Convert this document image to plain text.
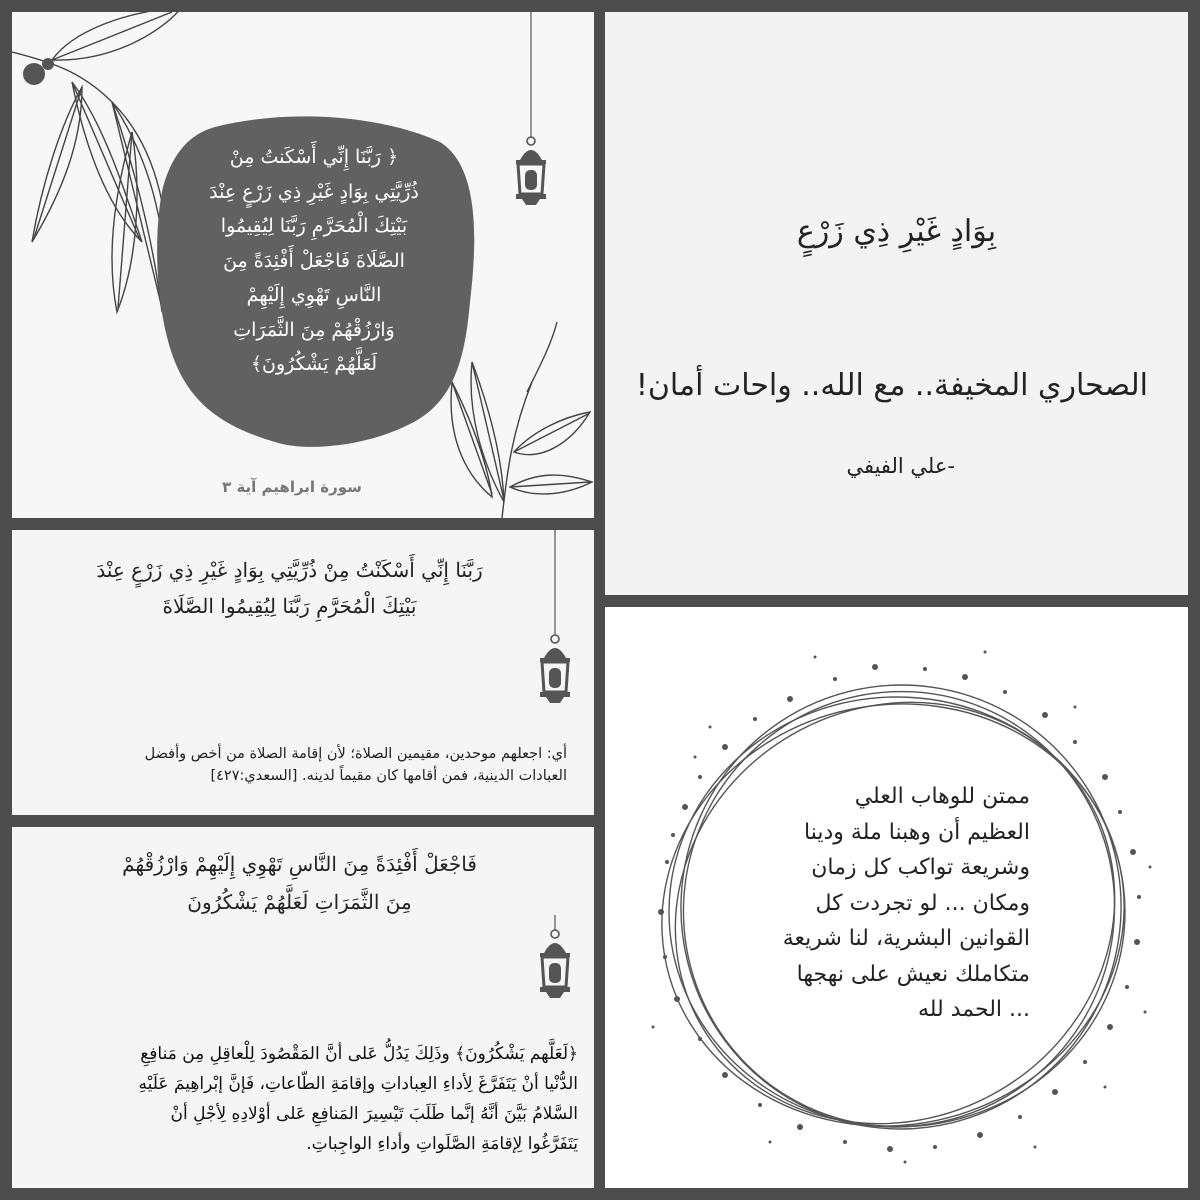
﴿ رَبَّنَا إِنِّي أَسْكَنتُ مِنْ
ذُرِّيَّتِي بِوَادٍ غَيْرِ ذِي زَرْعٍ عِنْدَ
بَيْتِكَ الْمُحَرَّمِ رَبَّنَا لِيُقِيمُوا
الصَّلَاةَ فَاجْعَلْ أَفْئِدَةً مِنَ
النَّاسِ تَهْوِي إِلَيْهِمْ
وَارْزُقْهُمْ مِنَ الثَّمَرَاتِ
لَعَلَّهُمْ يَشْكُرُونَ﴾
سورة ابراهيم آية ٣
بِوَادٍ غَيْرِ ذِي زَرْعٍ
الصحاري المخيفة.. مع الله.. واحات أمان!
-علي الفيفي
رَبَّنَا إِنِّي أَسْكَنْتُ مِنْ ذُرِّيَّتِي بِوَادٍ غَيْرِ ذِي زَرْعٍ عِنْدَ
بَيْتِكَ الْمُحَرَّمِ رَبَّنَا لِيُقِيمُوا الصَّلَاةَ
أي: اجعلهم موحدين، مقيمين الصلاة؛ لأن إقامة الصلاة من أخص وأفضل
العبادات الدينية، فمن أقامها كان مقيماً لدينه. [السعدي:٤٢٧]
فَاجْعَلْ أَفْئِدَةً مِنَ النَّاسِ تَهْوِي إِلَيْهِمْ وَارْزُقْهُمْ
مِنَ الثَّمَرَاتِ لَعَلَّهُمْ يَشْكُرُونَ
﴿لَعَلَّهم يَشْكُرُونَ﴾ وذَلِكَ يَدُلُّ عَلى أنَّ المَقْصُودَ لِلْعاقِلِ مِن مَنافِعِ
الدُّنْيا أنْ يَتَفَرَّغَ لِأداءِ العِباداتِ وإقامَةِ الطّاعاتِ، فَإنَّ إبْراهِيمَ عَلَيْهِ
السَّلامُ بَيَّنَ أنَّهُ إنَّما طَلَبَ تَيْسِيرَ المَنافِعِ عَلى أوْلادِهِ لِأجْلِ أنْ
يَتَفَرَّغُوا لِإقامَةِ الصَّلَواتِ وأداءِ الواجِباتِ.
ممتن للوهاب العلي
العظيم أن وهبنا ملة ودينا
وشريعة تواكب كل زمان
ومكان ... لو تجردت كل
القوانين البشرية، لنا شريعة
متكاملك نعيش على نهجها
... الحمد لله
